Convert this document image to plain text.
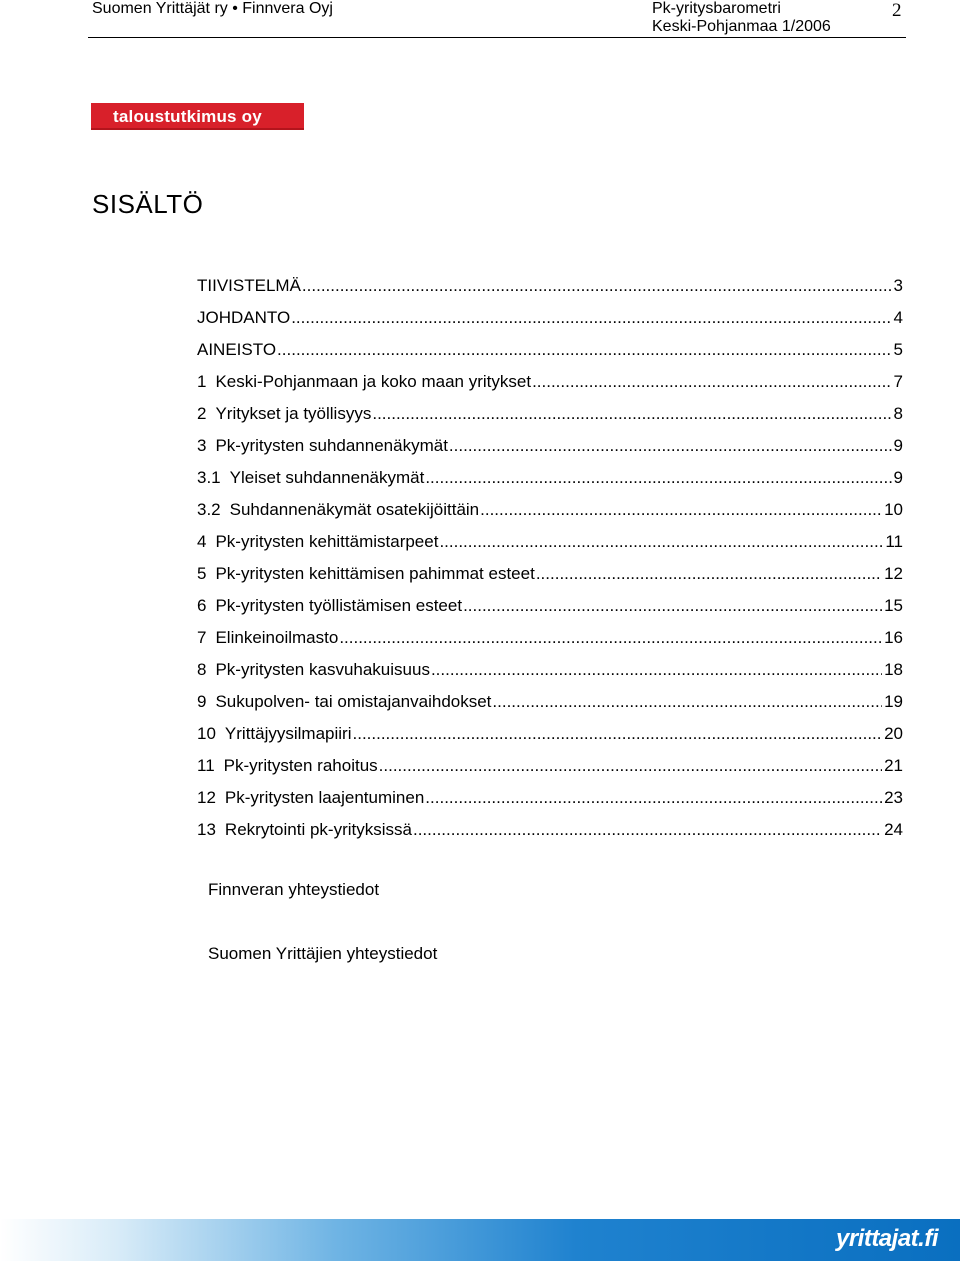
Suomen Yrittäjät ry • Finnvera Oyj	Pk-yritysbarometri
Keski-Pohjanmaa 1/2006
2
taloustutkimus oy
SISÄLTÖ
TIIVISTELMÄ .....	3
JOHDANTO .....	4
AINEISTO .....	5
1 Keski-Pohjanmaan ja koko maan yritykset .....	7
2 Yritykset ja työllisyys .....	8
3 Pk-yritysten suhdannenäkymät .....	9
3.1 Yleiset suhdannenäkymät .....	9
3.2 Suhdannenäkymät osatekijöittäin .....	10
4 Pk-yritysten kehittämistarpeet .....	11
5 Pk-yritysten kehittämisen pahimmat esteet .....	12
6 Pk-yritysten työllistämisen esteet .....	15
7 Elinkeinoilmasto .....	16
8 Pk-yritysten kasvuhakuisuus .....	18
9 Sukupolven- tai omistajanvaihdokset .....	19
10 Yrittäjyysilmapiiri .....	20
11 Pk-yritysten rahoitus .....	21
12 Pk-yritysten laajentuminen .....	23
13 Rekrytointi pk-yrityksissä .....	24
Finnveran yhteystiedot
Suomen Yrittäjien yhteystiedot
yrittajat.fi
